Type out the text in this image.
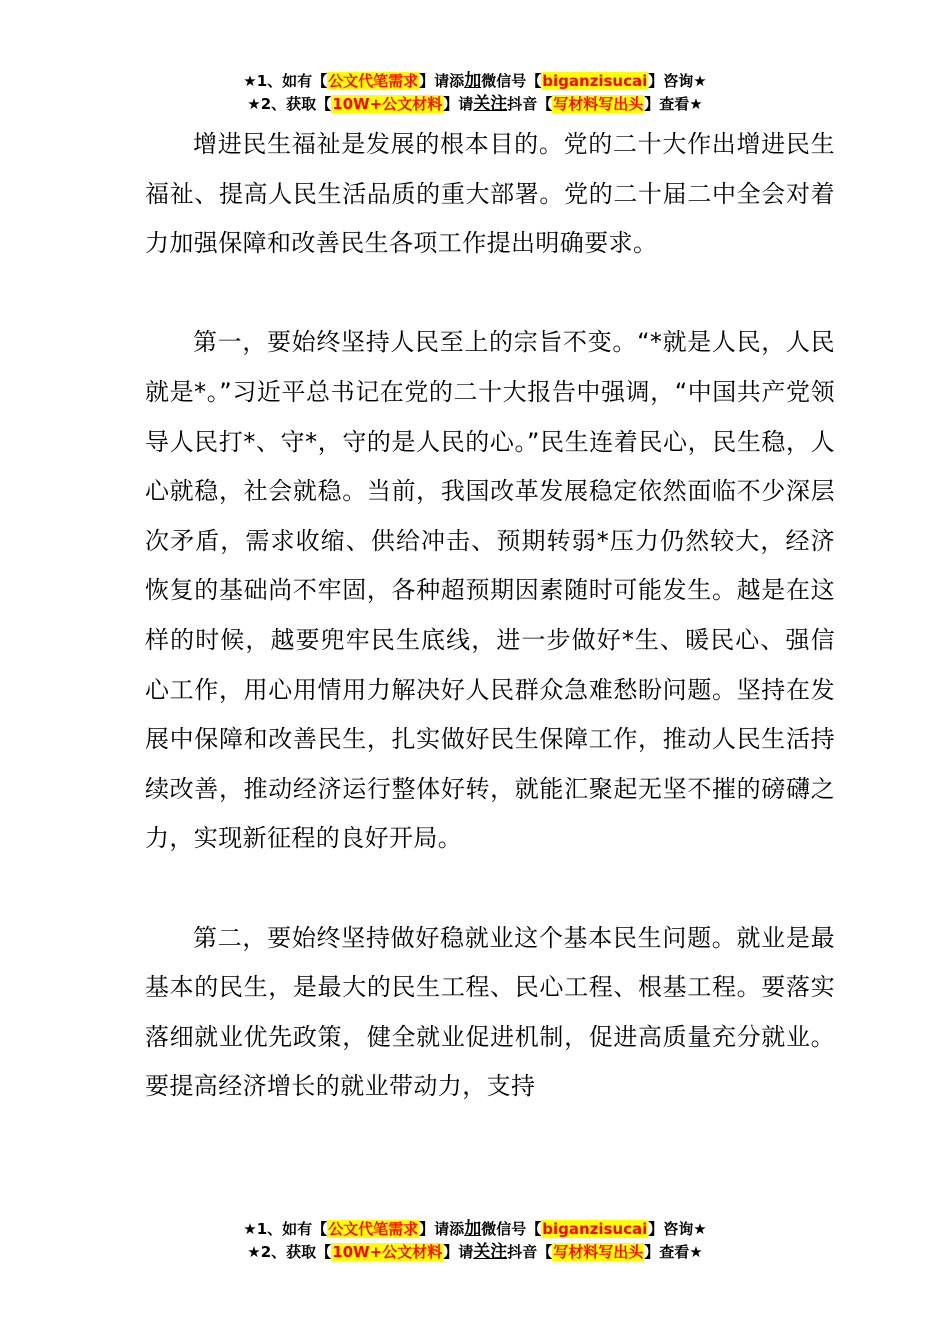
★1、如有【公文代笔需求】请添加微信号【biganzisucai】咨询★
★2、获取【10W+公文材料】请关注抖音【写材料写出头】查看★

增进民生福祉是发展的根本目的。党的二十大作出增进民生福祉、提高人民生活品质的重大部署。党的二十届二中全会对着力加强保障和改善民生各项工作提出明确要求。

第一，要始终坚持人民至上的宗旨不变。“*就是人民，人民就是*。”习近平总书记在党的二十大报告中强调，“中国共产党领导人民打*、守*，守的是人民的心。”民生连着民心，民生稳，人心就稳，社会就稳。当前，我国改革发展稳定依然面临不少深层次矛盾，需求收缩、供给冲击、预期转弱*压力仍然较大，经济恢复的基础尚不牢固，各种超预期因素随时可能发生。越是在这样的时候，越要兜牢民生底线，进一步做好*生、暖民心、强信心工作，用心用情用力解决好人民群众急难愁盼问题。坚持在发展中保障和改善民生，扎实做好民生保障工作，推动人民生活持续改善，推动经济运行整体好转，就能汇聚起无坚不摧的磅礴之力，实现新征程的良好开局。

第二，要始终坚持做好稳就业这个基本民生问题。就业是最基本的民生，是最大的民生工程、民心工程、根基工程。要落实落细就业优先政策，健全就业促进机制，促进高质量充分就业。要提高经济增长的就业带动力，支持

★1、如有【公文代笔需求】请添加微信号【biganzisucai】咨询★
★2、获取【10W+公文材料】请关注抖音【写材料写出头】查看★
